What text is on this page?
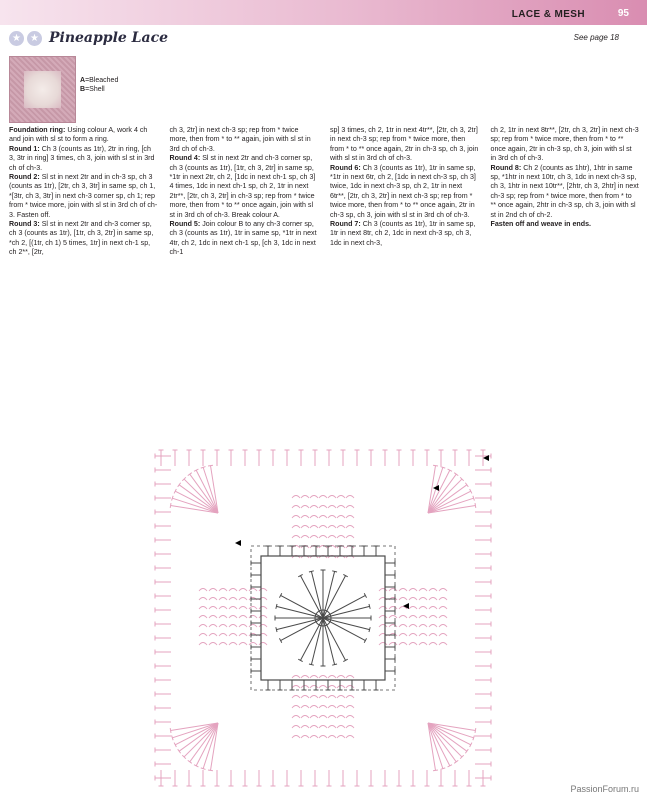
LACE & MESH	95
★
★
Pineapple Lace	See page 18
A=Bleached
B=Shell

Foundation ring: Using colour A, work 4 ch and join with sl st to form a ring.

Round 1: Ch 3 (counts as 1tr), 2tr in ring, [ch 3, 3tr in ring] 3 times, ch 3, join with sl st in 3rd ch of ch-3.

Round 2: Sl st in next 2tr and in ch-3 sp, ch 3 (counts as 1tr), [2tr, ch 3, 3tr] in same sp, ch 1, *[3tr, ch 3, 3tr] in next ch-3 corner sp, ch 1; rep from * twice more, join with sl st in 3rd ch of ch-3. Fasten off.

Round 3: Sl st in next 2tr and ch-3 corner sp, ch 3 (counts as 1tr), [1tr, ch 3, 2tr] in same sp, *ch 2, [(1tr, ch 1) 5 times, 1tr] in next ch-1 sp, ch 2**, [2tr,

ch 3, 2tr] in next ch-3 sp; rep from * twice more, then from * to ** again, join with sl st in 3rd ch of ch-3.

Round 4: Sl st in next 2tr and ch-3 corner sp, ch 3 (counts as 1tr), [1tr, ch 3, 2tr] in same sp, *1tr in next 2tr, ch 2, [1dc in next ch-1 sp, ch 3] 4 times, 1dc in next ch-1 sp, ch 2, 1tr in next 2tr**, [2tr, ch 3, 2tr] in ch-3 sp; rep from * twice more, then from * to ** once again, join with sl st in 3rd ch of ch-3. Break colour A.

Round 5: Join colour B to any ch-3 corner sp, ch 3 (counts as 1tr), 1tr in same sp, *1tr in next 4tr, ch 2, 1dc in next ch-1 sp, [ch 3, 1dc in next ch-1

sp] 3 times, ch 2, 1tr in next 4tr**, [2tr, ch 3, 2tr] in next ch-3 sp; rep from * twice more, then from * to ** once again, 2tr in ch-3 sp, ch 3, join with sl st in 3rd ch of ch-3.

Round 6: Ch 3 (counts as 1tr), 1tr in same sp, *1tr in next 6tr, ch 2, [1dc in next ch-3 sp, ch 3] twice, 1dc in next ch-3 sp, ch 2, 1tr in next 6tr**, [2tr, ch 3, 2tr] in next ch-3 sp; rep from * twice more, then from * to ** once again, 2tr in ch-3 sp, ch 3, join with sl st in 3rd ch of ch-3.

Round 7: Ch 3 (counts as 1tr), 1tr in same sp, 1tr in next 8tr, ch 2, 1dc in next ch-3 sp, ch 3, 1dc in next ch-3,

ch 2, 1tr in next 8tr**, [2tr, ch 3, 2tr] in next ch-3 sp; rep from * twice more, then from * to ** once again, 2tr in ch-3 sp, ch 3, join with sl st in 3rd ch of ch-3.

Round 8: Ch 2 (counts as 1htr), 1htr in same sp, *1htr in next 10tr, ch 3, 1dc in next ch-3 sp, ch 3, 1htr in next 10tr**, [2htr, ch 3, 2htr] in next ch-3 sp; rep from * twice more, then from * to ** once again, 2htr in ch-3 sp, ch 3, join with sl st in 2nd ch of ch-2.

Fasten off and weave in ends.

PassionForum.ru
